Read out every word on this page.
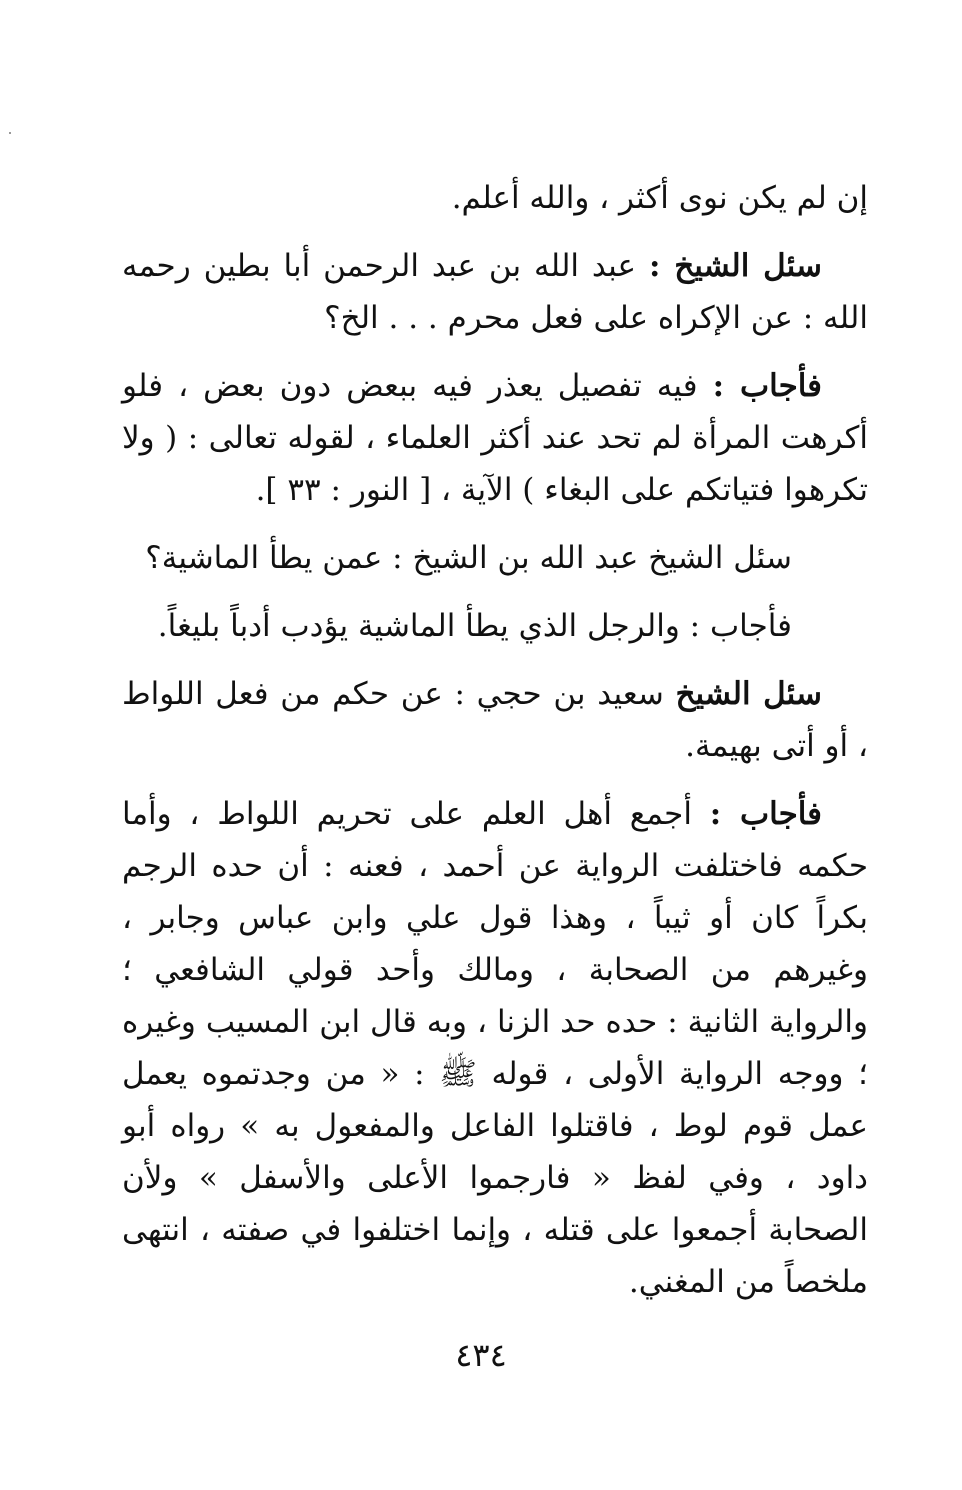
إن لم يكن نوى أكثر ، والله أعلم.

سئل الشيخ : عبد الله بن عبد الرحمن أبا بطين رحمه الله : عن الإكراه على فعل محرم . . . الخ؟

فأجاب : فيه تفصيل يعذر فيه ببعض دون بعض ، فلو أكرهت المرأة لم تحد عند أكثر العلماء ، لقوله تعالى : ( ولا تكرهوا فتياتكم على البغاء ) الآية ، [ النور : ٣٣ ].

سئل الشيخ عبد الله بن الشيخ : عمن يطأ الماشية؟

فأجاب : والرجل الذي يطأ الماشية يؤدب أدباً بليغاً.

سئل الشيخ سعيد بن حجي : عن حكم من فعل اللواط ، أو أتى بهيمة.

فأجاب : أجمع أهل العلم على تحريم اللواط ، وأما حكمه فاختلفت الرواية عن أحمد ، فعنه : أن حده الرجم بكراً كان أو ثيباً ، وهذا قول علي وابن عباس وجابر ، وغيرهم من الصحابة ، ومالك وأحد قولي الشافعي ؛ والرواية الثانية : حده حد الزنا ، وبه قال ابن المسيب وغيره ؛ ووجه الرواية الأولى ، قوله ﷺ : « من وجدتموه يعمل عمل قوم لوط ، فاقتلوا الفاعل والمفعول به » رواه أبو داود ، وفي لفظ « فارجموا الأعلى والأسفل » ولأن الصحابة أجمعوا على قتله ، وإنما اختلفوا في صفته ، انتهى ملخصاً من المغني.

٤٣٤
